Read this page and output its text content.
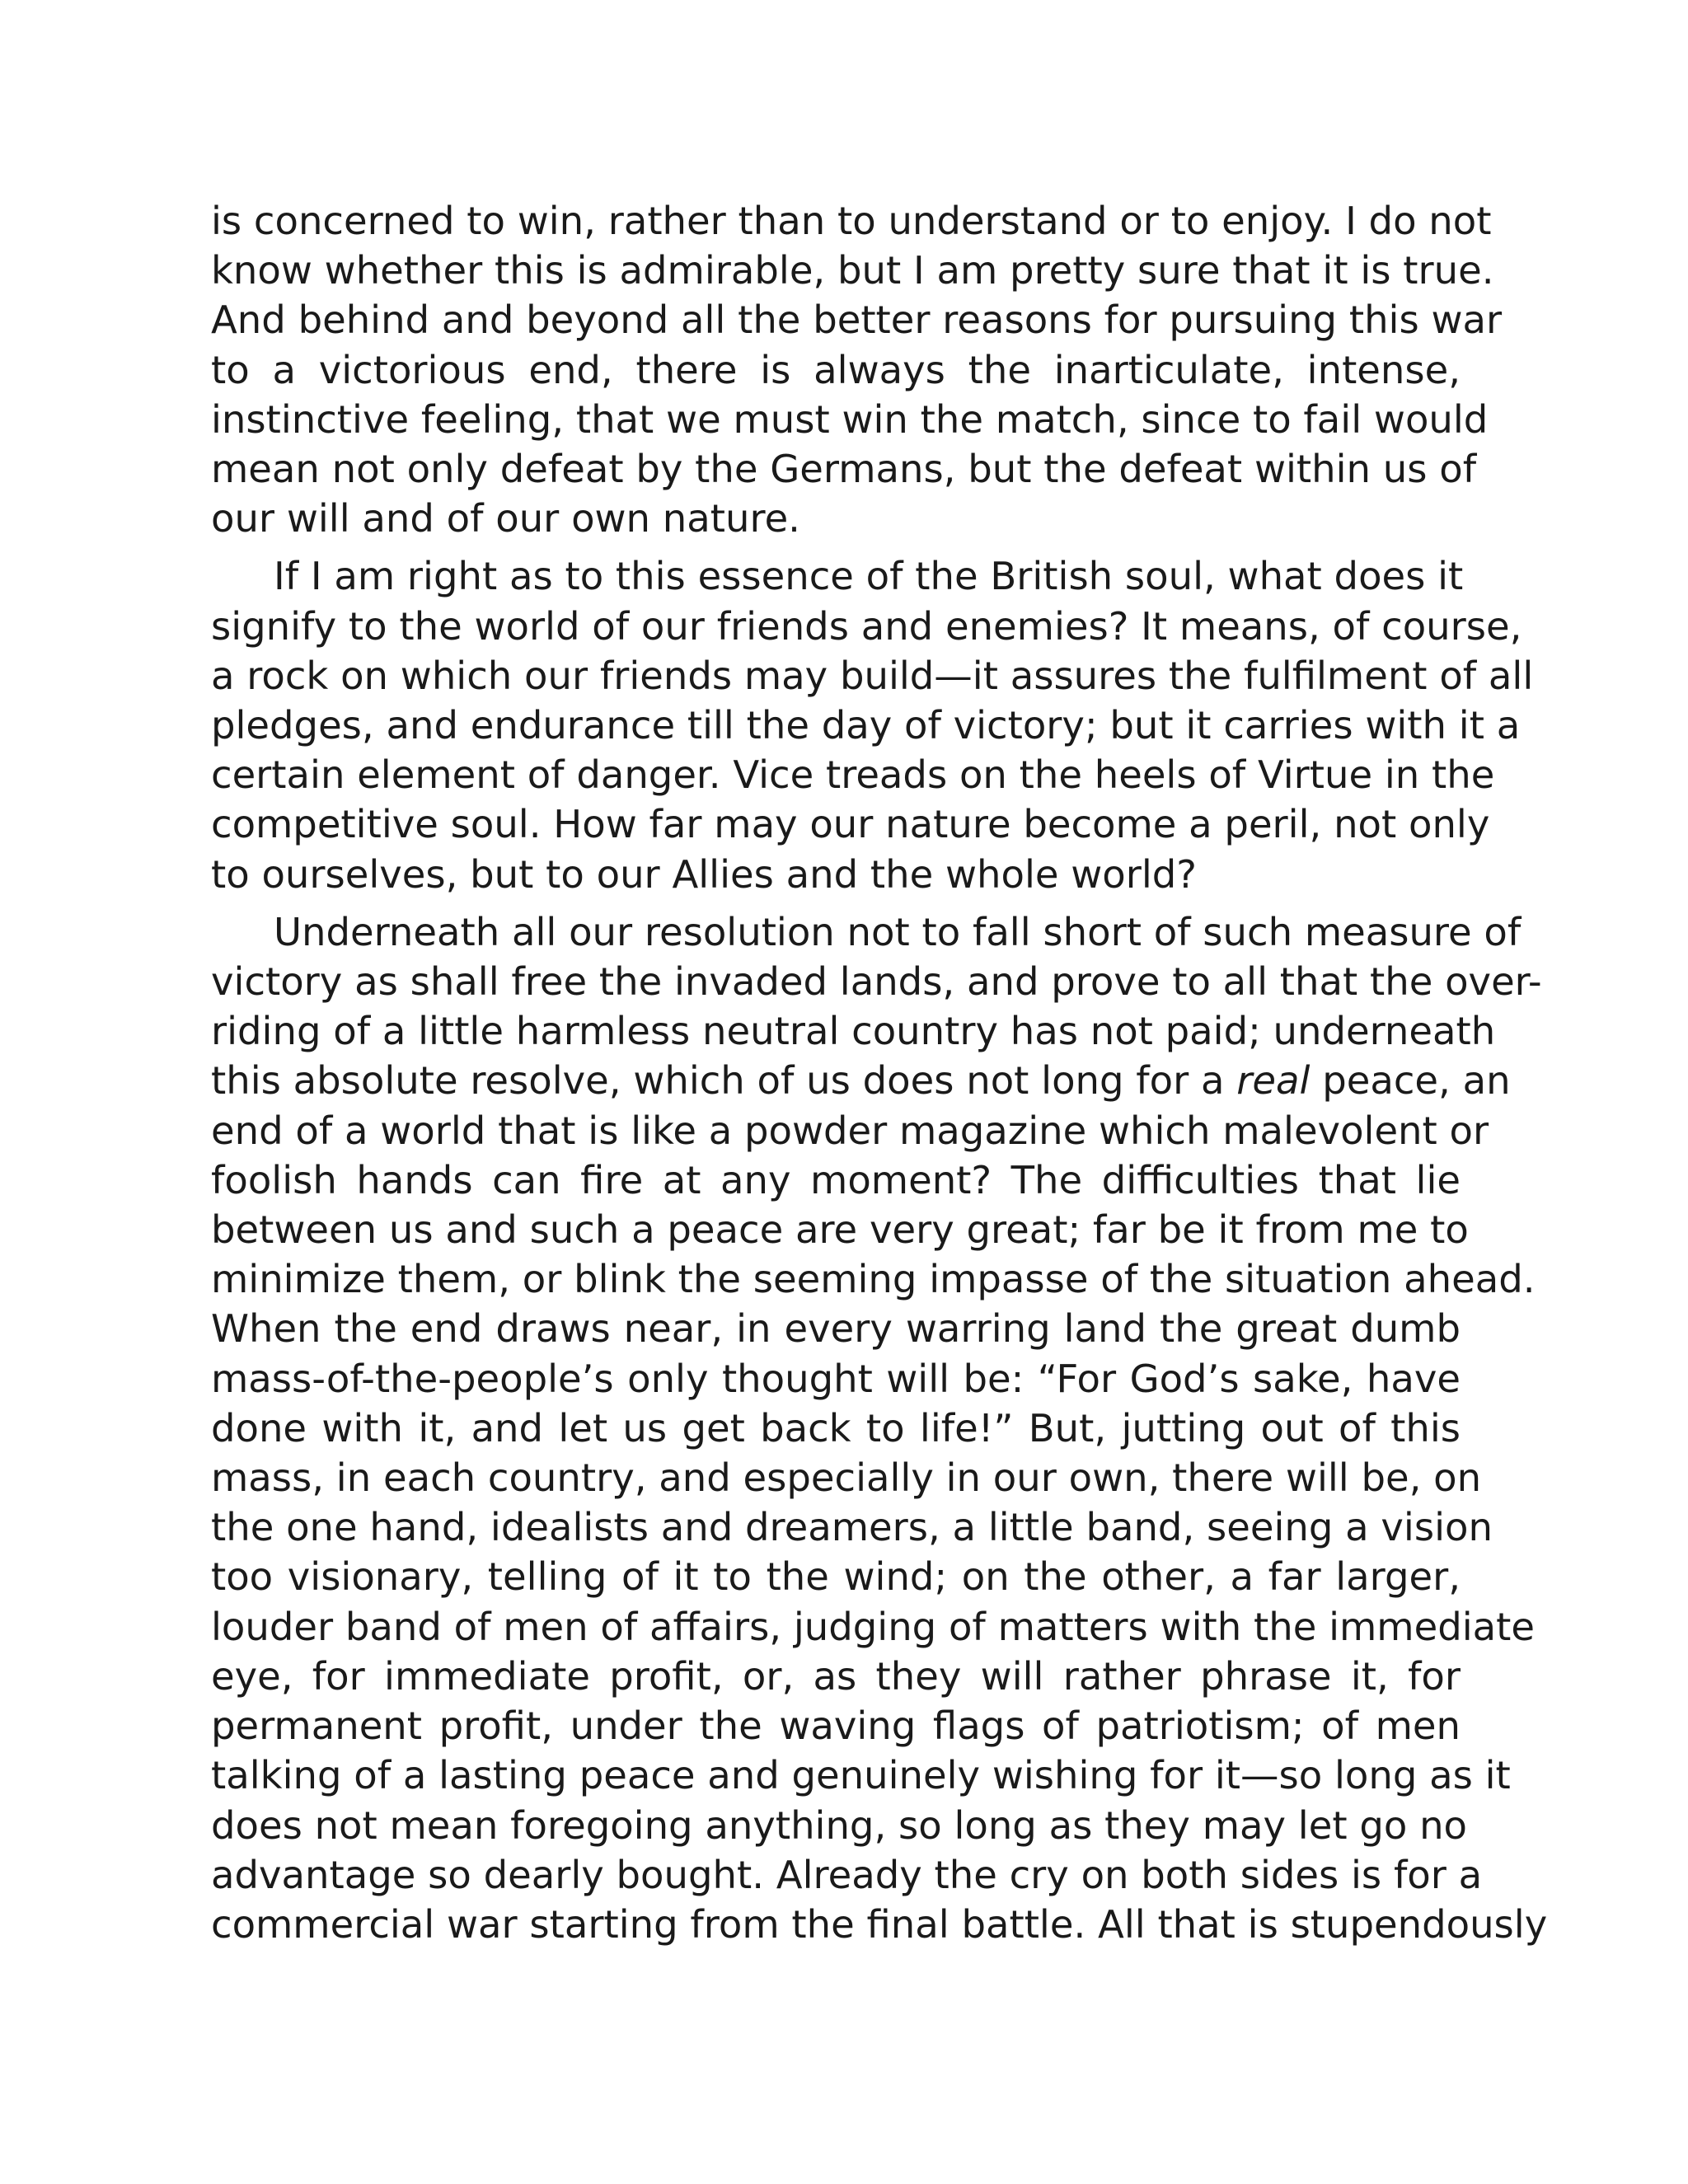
is concerned to win, rather than to understand or to enjoy. I do not
know whether this is admirable, but I am pretty sure that it is true.
And behind and beyond all the better reasons for pursuing this war
to a victorious end, there is always the inarticulate, intense,
instinctive feeling, that we must win the match, since to fail would
mean not only defeat by the Germans, but the defeat within us of
our will and of our own nature.
If I am right as to this essence of the British soul, what does it
signify to the world of our friends and enemies? It means, of course,
a rock on which our friends may build—it assures the fulfilment of all
pledges, and endurance till the day of victory; but it carries with it a
certain element of danger. Vice treads on the heels of Virtue in the
competitive soul. How far may our nature become a peril, not only
to ourselves, but to our Allies and the whole world?
Underneath all our resolution not to fall short of such measure of
victory as shall free the invaded lands, and prove to all that the over-
riding of a little harmless neutral country has not paid; underneath
this absolute resolve, which of us does not long for a real peace, an
end of a world that is like a powder magazine which malevolent or
foolish hands can fire at any moment? The difficulties that lie
between us and such a peace are very great; far be it from me to
minimize them, or blink the seeming impasse of the situation ahead.
When the end draws near, in every warring land the great dumb
mass-of-the-people’s only thought will be: “For God’s sake, have
done with it, and let us get back to life!” But, jutting out of this
mass, in each country, and especially in our own, there will be, on
the one hand, idealists and dreamers, a little band, seeing a vision
too visionary, telling of it to the wind; on the other, a far larger,
louder band of men of affairs, judging of matters with the immediate
eye, for immediate profit, or, as they will rather phrase it, for
permanent profit, under the waving flags of patriotism; of men
talking of a lasting peace and genuinely wishing for it—so long as it
does not mean foregoing anything, so long as they may let go no
advantage so dearly bought. Already the cry on both sides is for a
commercial war starting from the final battle. All that is stupendously
